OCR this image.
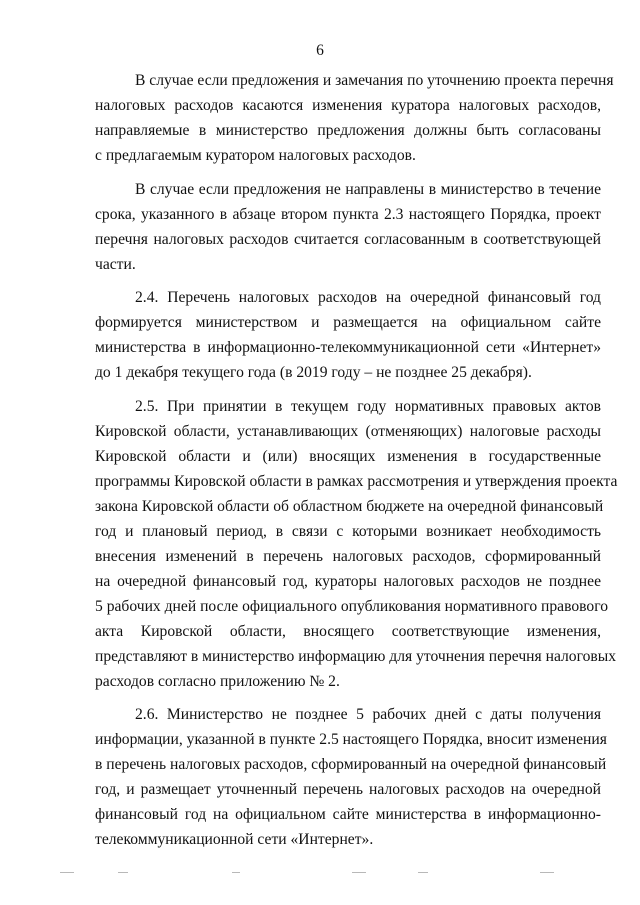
6
В случае если предложения и замечания по уточнению проекта перечня
налоговых расходов касаются изменения куратора налоговых расходов,
направляемые в министерство предложения должны быть согласованы
с предлагаемым куратором налоговых расходов.
В случае если предложения не направлены в министерство в течение
срока, указанного в абзаце втором пункта 2.3 настоящего Порядка, проект
перечня налоговых расходов считается согласованным в соответствующей
части.
2.4. Перечень налоговых расходов на очередной финансовый год
формируется министерством и размещается на официальном сайте
министерства в информационно-телекоммуникационной сети «Интернет»
до 1 декабря текущего года (в 2019 году – не позднее 25 декабря).
2.5. При принятии в текущем году нормативных правовых актов
Кировской области, устанавливающих (отменяющих) налоговые расходы
Кировской области и (или) вносящих изменения в государственные
программы Кировской области в рамках рассмотрения и утверждения проекта
закона Кировской области об областном бюджете на очередной финансовый
год и плановый период, в связи с которыми возникает необходимость
внесения изменений в перечень налоговых расходов, сформированный
на очередной финансовый год, кураторы налоговых расходов не позднее
5 рабочих дней после официального опубликования нормативного правового
акта Кировской области, вносящего соответствующие изменения,
представляют в министерство информацию для уточнения перечня налоговых
расходов согласно приложению № 2.
2.6. Министерство не позднее 5 рабочих дней с даты получения
информации, указанной в пункте 2.5 настоящего Порядка, вносит изменения
в перечень налоговых расходов, сформированный на очередной финансовый
год, и размещает уточненный перечень налоговых расходов на очередной
финансовый год на официальном сайте министерства в информационно-
телекоммуникационной сети «Интернет».
